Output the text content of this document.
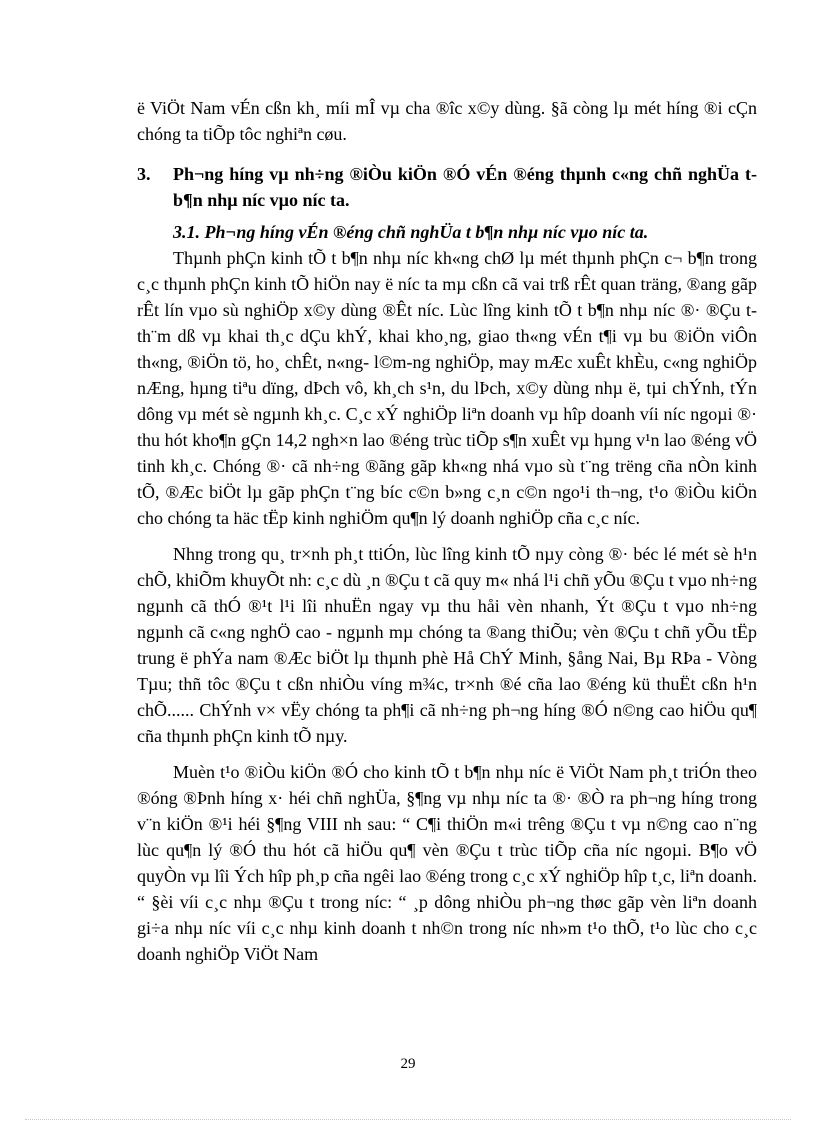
ë ViÖt Nam vÉn cßn kh¸ míi mÎ vµ cha ®îc x©y dùng. §ã còng lµ mét híng ®i cÇn chóng ta tiÕp tôc nghiªn cøu.

3.	Ph¬ng híng vµ nh÷ng ®iÒu kiÖn ®Ó vÉn ®éng thµnh c«ng chñ nghÜa t b¶n nhµ níc vµo níc ta.

3.1. Ph¬ng híng vÉn ®éng chñ nghÜa t b¶n nhµ níc vµo níc ta.

Thµnh phÇn kinh tÕ t b¶n nhµ níc kh«ng chØ lµ mét thµnh phÇn c¬ b¶n trong c¸c thµnh phÇn kinh tÕ hiÖn nay ë níc ta mµ cßn cã vai trß rÊt quan träng, ®ang gãp rÊt lín vµo sù nghiÖp x©y dùng ®Êt níc. Lùc lîng kinh tÕ t b¶n nhµ níc ®· ®Çu t th¨m dß vµ khai th¸c dÇu khÝ, khai kho¸ng, giao th«ng vÉn t¶i vµ bu ®iÖn viÔn th«ng, ®iÖn tö, ho¸ chÊt, n«ng- l©m-ng nghiÖp, may mÆc xuÊt khÈu, c«ng nghiÖp nÆng, hµng tiªu dïng, dÞch vô, kh¸ch s¹n, du lÞch, x©y dùng nhµ ë, tµi chÝnh, tÝn dông vµ mét sè ngµnh kh¸c. C¸c xÝ nghiÖp liªn doanh vµ hîp doanh víi níc ngoµi ®· thu hót kho¶n gÇn 14,2 ngh×n lao ®éng trùc tiÕp s¶n xuÊt vµ hµng v¹n lao ®éng vÖ tinh kh¸c. Chóng ®· cã nh÷ng ®ãng gãp kh«ng nhá vµo sù t¨ng trëng cña nÒn kinh tÕ, ®Æc biÖt lµ gãp phÇn t¨ng bíc c©n b»ng c¸n c©n ngo¹i th¬ng, t¹o ®iÒu kiÖn cho chóng ta häc tËp kinh nghiÖm qu¶n lý doanh nghiÖp cña c¸c níc.

Nhng trong qu¸ tr×nh ph¸t ttiÓn, lùc lîng kinh tÕ nµy còng ®· béc lé mét sè h¹n chÕ, khiÕm khuyÕt nh: c¸c dù ¸n ®Çu t cã quy m« nhá l¹i chñ yÕu ®Çu t vµo nh÷ng ngµnh cã thÓ ®¹t l¹i lîi nhuËn ngay vµ thu håi vèn nhanh, Ýt ®Çu t vµo nh÷ng ngµnh cã c«ng nghÖ cao - ngµnh mµ chóng ta ®ang thiÕu; vèn ®Çu t chñ yÕu tËp trung ë phÝa nam ®Æc biÖt lµ thµnh phè Hå ChÝ Minh, §ång Nai, Bµ RÞa - Vòng Tµu; thñ tôc ®Çu t cßn nhiÒu víng m¾c, tr×nh ®é cña lao ®éng kü thuËt cßn h¹n chÕ...... ChÝnh v× vËy chóng ta ph¶i cã nh÷ng ph¬ng híng ®Ó n©ng cao hiÖu qu¶ cña thµnh phÇn kinh tÕ nµy.

Muèn t¹o ®iÒu kiÖn ®Ó cho kinh tÕ t b¶n nhµ níc ë ViÖt Nam ph¸t triÓn theo ®óng ®Þnh híng x· héi chñ nghÜa, §¶ng vµ nhµ níc ta ®· ®Ò ra ph¬ng híng trong v¨n kiÖn ®¹i héi §¶ng VIII nh sau: “ C¶i thiÖn m«i trêng ®Çu t vµ n©ng cao n¨ng lùc qu¶n lý ®Ó thu hót cã hiÖu qu¶ vèn ®Çu t trùc tiÕp cña níc ngoµi. B¶o vÖ quyÒn vµ lîi Ých hîp ph¸p cña ngêi lao ®éng trong c¸c xÝ nghiÖp hîp t¸c, liªn doanh. “ §èi víi c¸c nhµ ®Çu t trong níc: “ ¸p dông nhiÒu ph¬ng thøc gãp vèn liªn doanh gi÷a nhµ níc víi c¸c nhµ kinh doanh t nh©n trong níc nh»m t¹o thÕ, t¹o lùc cho c¸c doanh nghiÖp ViÖt Nam

29
